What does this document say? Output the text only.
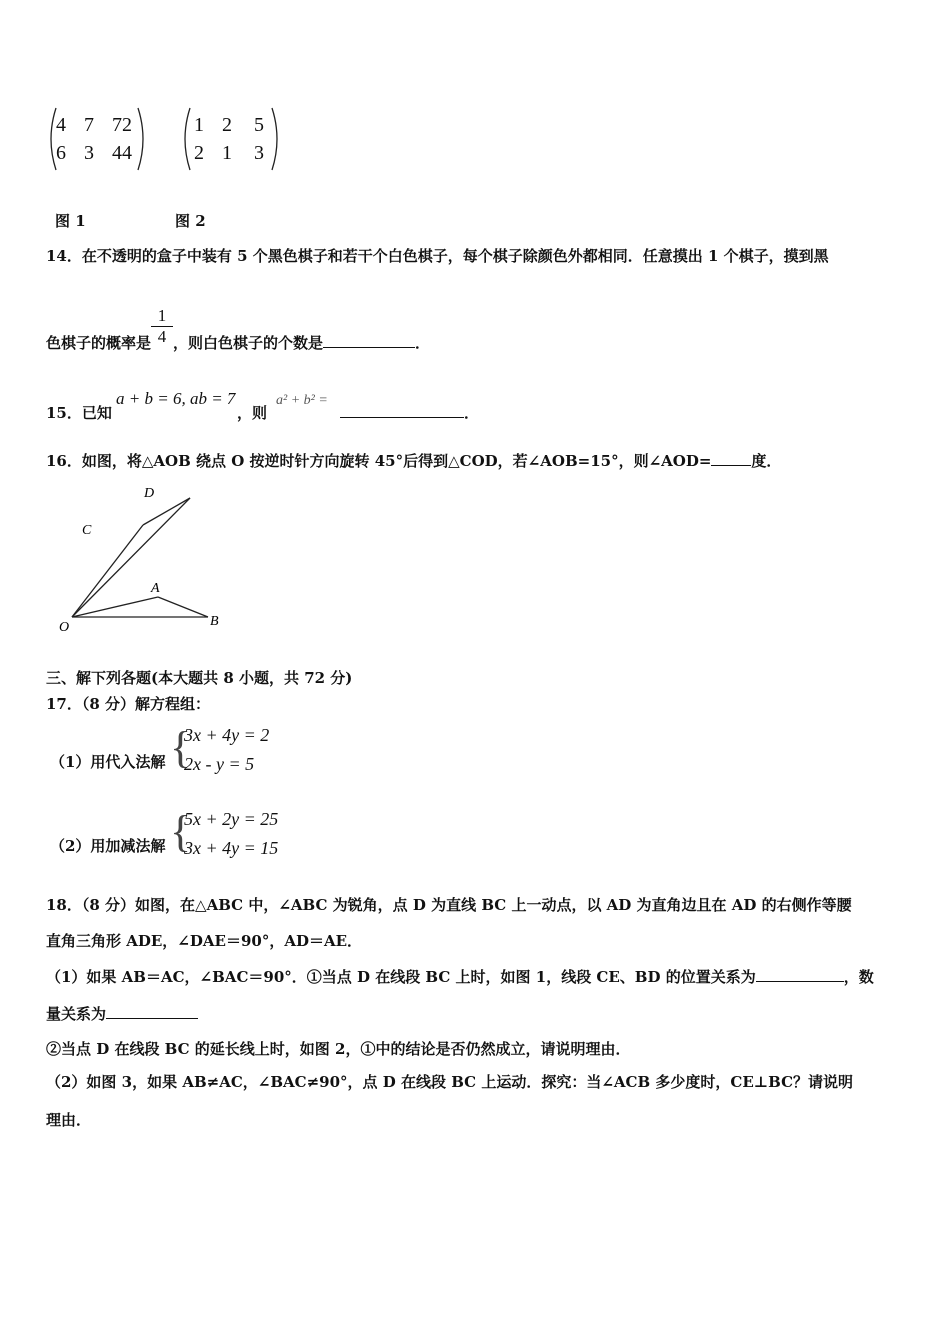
4 7 72
6 3 44
1 2 5
2 1 3
图 1	图 2
14．在不透明的盒子中装有 5 个黑色棋子和若干个白色棋子，每个棋子除颜色外都相同．任意摸出 1 个棋子，摸到黑
色棋子的概率是 $\frac{1}{4}$ ，则白色棋子的个数是	．
15．已知
a + b = 6, ab = 7
，则
a² + b² =
．
16．如图，将△AOB 绕点 O 按逆时针方向旋转 45°后得到△COD，若∠AOB=15°，则∠AOD=	度．
D
C
A
O	B
三、解下列各题(本大题共 8 小题，共 72 分)
17．（8 分）解方程组：
（1）用代入法解 {
3x + 4y = 2
2x - y = 5
（2）用加减法解 {
5x + 2y = 25
3x + 4y = 15
18．（8 分）如图，在△ABC 中，∠ABC 为锐角，点 D 为直线 BC 上一动点，以 AD 为直角边且在 AD 的右侧作等腰
直角三角形 ADE，∠DAE＝90°，AD＝AE．
（1）如果 AB＝AC，∠BAC＝90°．①当点 D 在线段 BC 上时，如图 1，线段 CE、BD 的位置关系为	，数
量关系为
②当点 D 在线段 BC 的延长线上时，如图 2，①中的结论是否仍然成立，请说明理由．
（2）如图 3，如果 AB≠AC，∠BAC≠90°，点 D 在线段 BC 上运动．探究：当∠ACB 多少度时，CE⊥BC？请说明
理由．
